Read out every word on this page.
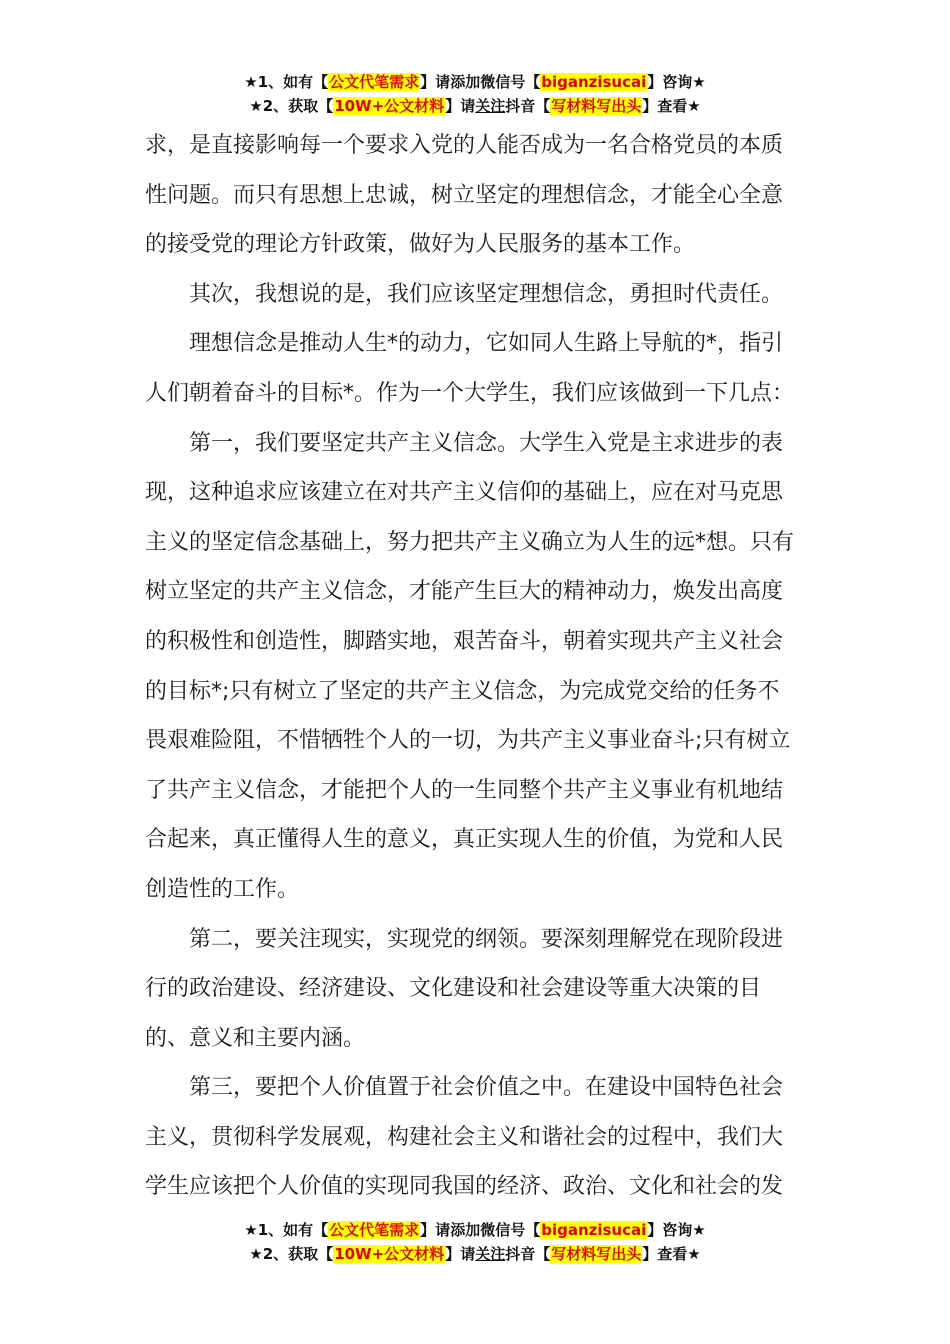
★1、如有【公文代笔需求】请添加微信号【biganzisucai】咨询★
★2、获取【10W+公文材料】请关注抖音【写材料写出头】查看★

求，是直接影响每一个要求入党的人能否成为一名合格党员的本质
性问题。而只有思想上忠诚，树立坚定的理想信念，才能全心全意
的接受党的理论方针政策，做好为人民服务的基本工作。

其次，我想说的是，我们应该坚定理想信念，勇担时代责任。

理想信念是推动人生*的动力，它如同人生路上导航的*，指引
人们朝着奋斗的目标*。作为一个大学生，我们应该做到一下几点：

第一，我们要坚定共产主义信念。大学生入党是主求进步的表
现，这种追求应该建立在对共产主义信仰的基础上，应在对马克思
主义的坚定信念基础上，努力把共产主义确立为人生的远*想。只有
树立坚定的共产主义信念，才能产生巨大的精神动力，焕发出高度
的积极性和创造性，脚踏实地，艰苦奋斗，朝着实现共产主义社会
的目标*;只有树立了坚定的共产主义信念，为完成党交给的任务不
畏艰难险阻，不惜牺牲个人的一切，为共产主义事业奋斗;只有树立
了共产主义信念，才能把个人的一生同整个共产主义事业有机地结
合起来，真正懂得人生的意义，真正实现人生的价值，为党和人民
创造性的工作。

第二，要关注现实，实现党的纲领。要深刻理解党在现阶段进
行的政治建设、经济建设、文化建设和社会建设等重大决策的目
的、意义和主要内涵。

第三，要把个人价值置于社会价值之中。在建设中国特色社会
主义，贯彻科学发展观，构建社会主义和谐社会的过程中，我们大
学生应该把个人价值的实现同我国的经济、政治、文化和社会的发

★1、如有【公文代笔需求】请添加微信号【biganzisucai】咨询★
★2、获取【10W+公文材料】请关注抖音【写材料写出头】查看★
